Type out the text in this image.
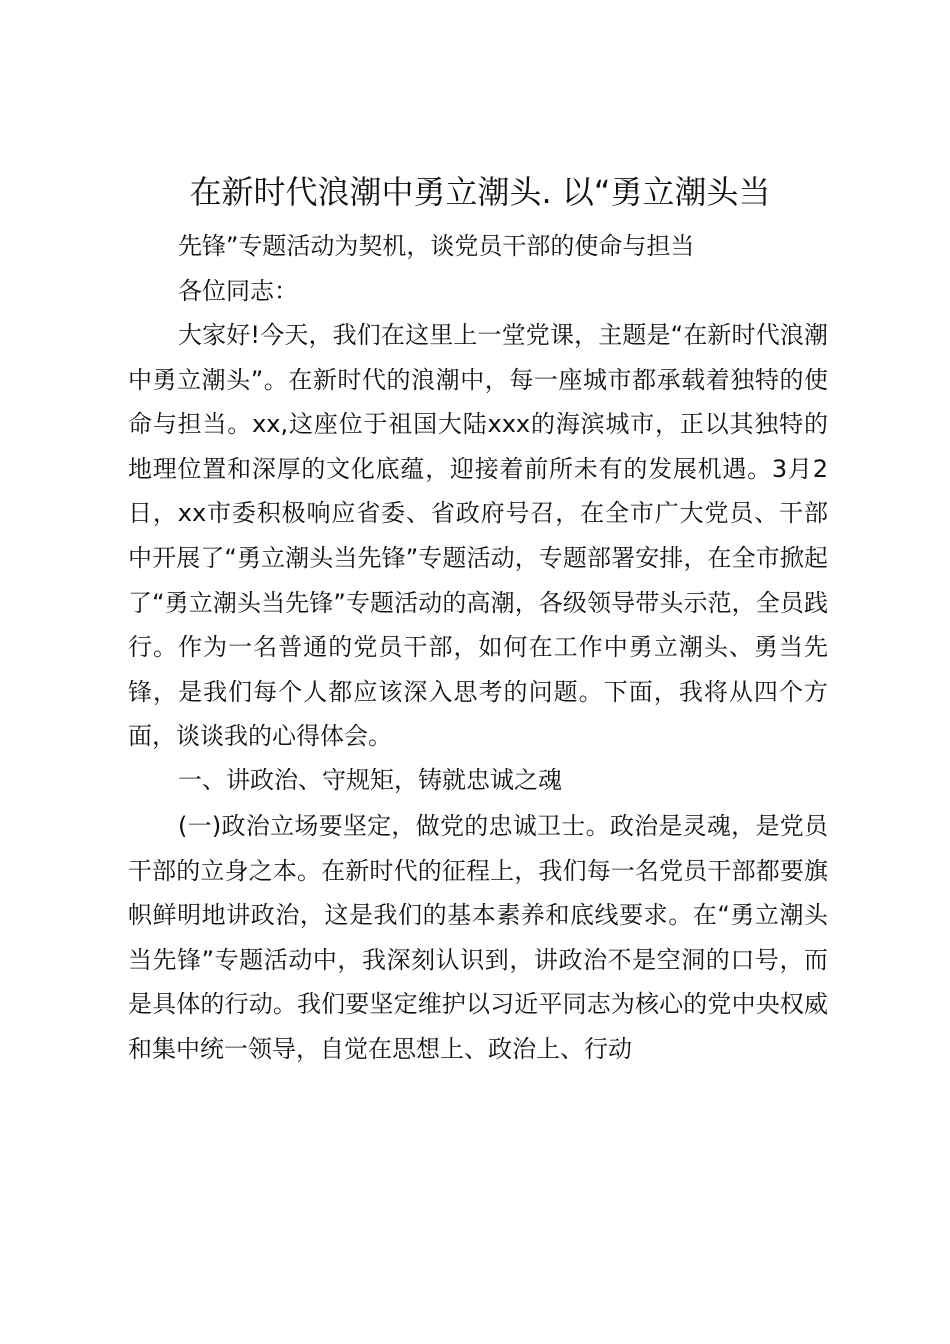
在新时代浪潮中勇立潮头. 以“勇立潮头当
先锋”专题活动为契机，谈党员干部的使命与担当
各位同志：

大家好!今天，我们在这里上一堂党课，主题是“在新时代浪潮中勇立潮头”。在新时代的浪潮中，每一座城市都承载着独特的使命与担当。xx,这座位于祖国大陆xxx的海滨城市，正以其独特的地理位置和深厚的文化底蕴，迎接着前所未有的发展机遇。3月2日，xx市委积极响应省委、省政府号召，在全市广大党员、干部中开展了“勇立潮头当先锋”专题活动，专题部署安排，在全市掀起了“勇立潮头当先锋”专题活动的高潮，各级领导带头示范，全员践行。作为一名普通的党员干部，如何在工作中勇立潮头、勇当先锋，是我们每个人都应该深入思考的问题。下面，我将从四个方面，谈谈我的心得体会。

一、讲政治、守规矩，铸就忠诚之魂

(一)政治立场要坚定，做党的忠诚卫士。政治是灵魂，是党员干部的立身之本。在新时代的征程上，我们每一名党员干部都要旗帜鲜明地讲政治，这是我们的基本素养和底线要求。在“勇立潮头当先锋”专题活动中，我深刻认识到，讲政治不是空洞的口号，而是具体的行动。我们要坚定维护以习近平同志为核心的党中央权威和集中统一领导，自觉在思想上、政治上、行动
